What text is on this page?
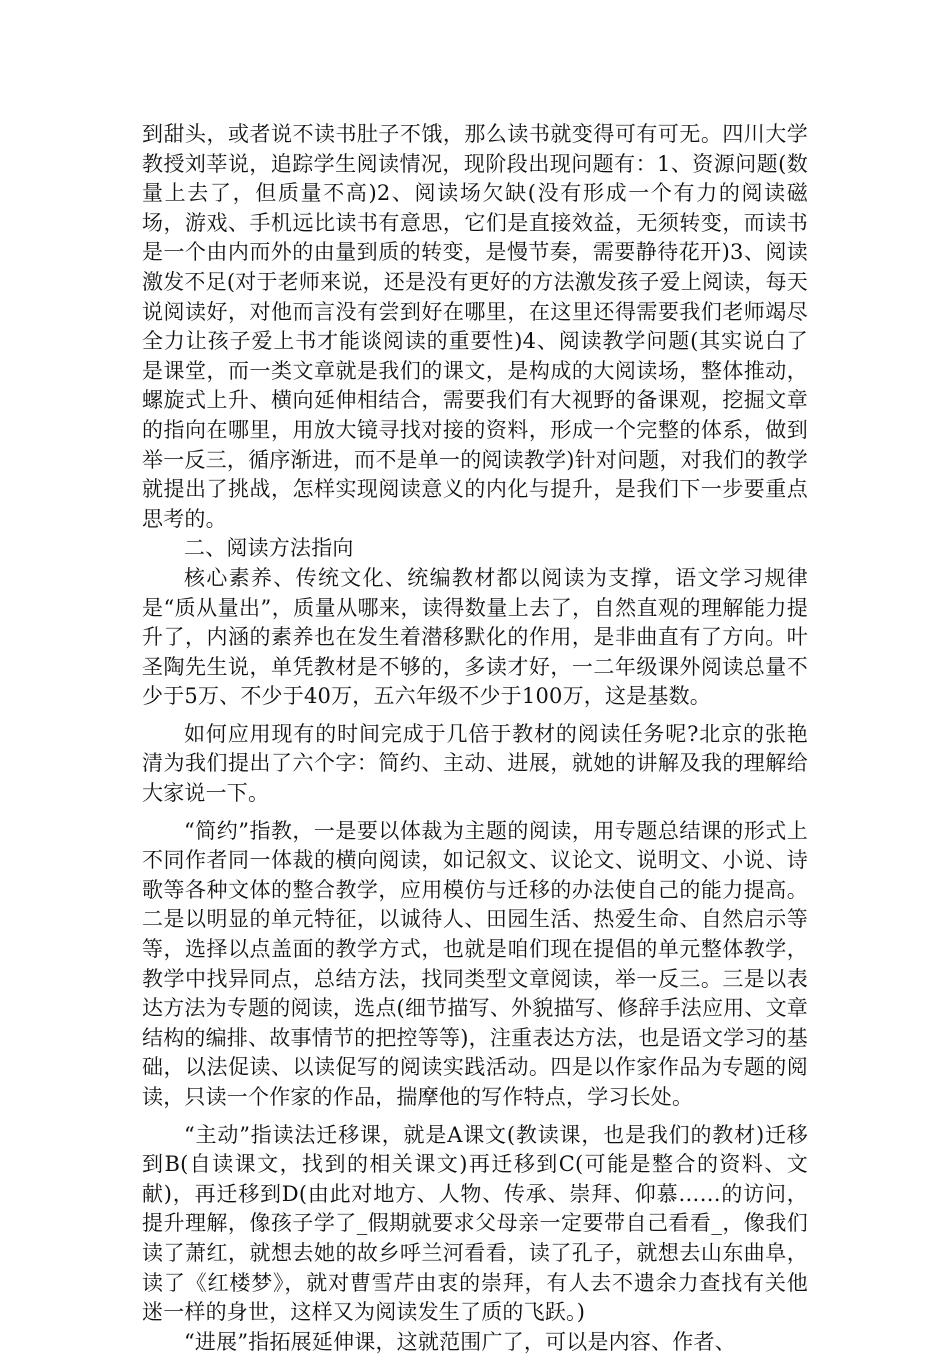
到甜头，或者说不读书肚子不饿，那么读书就变得可有可无。四川大学教授刘莘说，追踪学生阅读情况，现阶段出现问题有：1、资源问题(数量上去了，但质量不高)2、阅读场欠缺(没有形成一个有力的阅读磁场，游戏、手机远比读书有意思，它们是直接效益，无须转变，而读书是一个由内而外的由量到质的转变，是慢节奏，需要静待花开)3、阅读激发不足(对于老师来说，还是没有更好的方法激发孩子爱上阅读，每天说阅读好，对他而言没有尝到好在哪里，在这里还得需要我们老师竭尽全力让孩子爱上书才能谈阅读的重要性)4、阅读教学问题(其实说白了是课堂，而一类文章就是我们的课文，是构成的大阅读场，整体推动，螺旋式上升、横向延伸相结合，需要我们有大视野的备课观，挖掘文章的指向在哪里，用放大镜寻找对接的资料，形成一个完整的体系，做到举一反三，循序渐进，而不是单一的阅读教学)针对问题，对我们的教学就提出了挑战，怎样实现阅读意义的内化与提升，是我们下一步要重点思考的。

二、阅读方法指向

核心素养、传统文化、统编教材都以阅读为支撑，语文学习规律是“质从量出”，质量从哪来，读得数量上去了，自然直观的理解能力提升了，内涵的素养也在发生着潜移默化的作用，是非曲直有了方向。叶圣陶先生说，单凭教材是不够的，多读才好，一二年级课外阅读总量不少于5万、不少于40万，五六年级不少于100万，这是基数。

如何应用现有的时间完成于几倍于教材的阅读任务呢?北京的张艳清为我们提出了六个字：简约、主动、进展，就她的讲解及我的理解给大家说一下。

“简约”指教，一是要以体裁为主题的阅读，用专题总结课的形式上不同作者同一体裁的横向阅读，如记叙文、议论文、说明文、小说、诗歌等各种文体的整合教学，应用模仿与迁移的办法使自己的能力提高。二是以明显的单元特征，以诚待人、田园生活、热爱生命、自然启示等等，选择以点盖面的教学方式，也就是咱们现在提倡的单元整体教学，教学中找异同点，总结方法，找同类型文章阅读，举一反三。三是以表达方法为专题的阅读，选点(细节描写、外貌描写、修辞手法应用、文章结构的编排、故事情节的把控等等)，注重表达方法，也是语文学习的基础，以法促读、以读促写的阅读实践活动。四是以作家作品为专题的阅读，只读一个作家的作品，揣摩他的写作特点，学习长处。

“主动”指读法迁移课，就是A课文(教读课，也是我们的教材)迁移到B(自读课文，找到的相关课文)再迁移到C(可能是整合的资料、文献)，再迁移到D(由此对地方、人物、传承、崇拜、仰慕……的访问，提升理解，像孩子学了_假期就要求父母亲一定要带自己看看_，像我们读了萧红，就想去她的故乡呼兰河看看，读了孔子，就想去山东曲阜，读了《红楼梦》，就对曹雪芹由衷的崇拜，有人去不遗余力查找有关他迷一样的身世，这样又为阅读发生了质的飞跃。)

“进展”指拓展延伸课，这就范围广了，可以是内容、作者、
